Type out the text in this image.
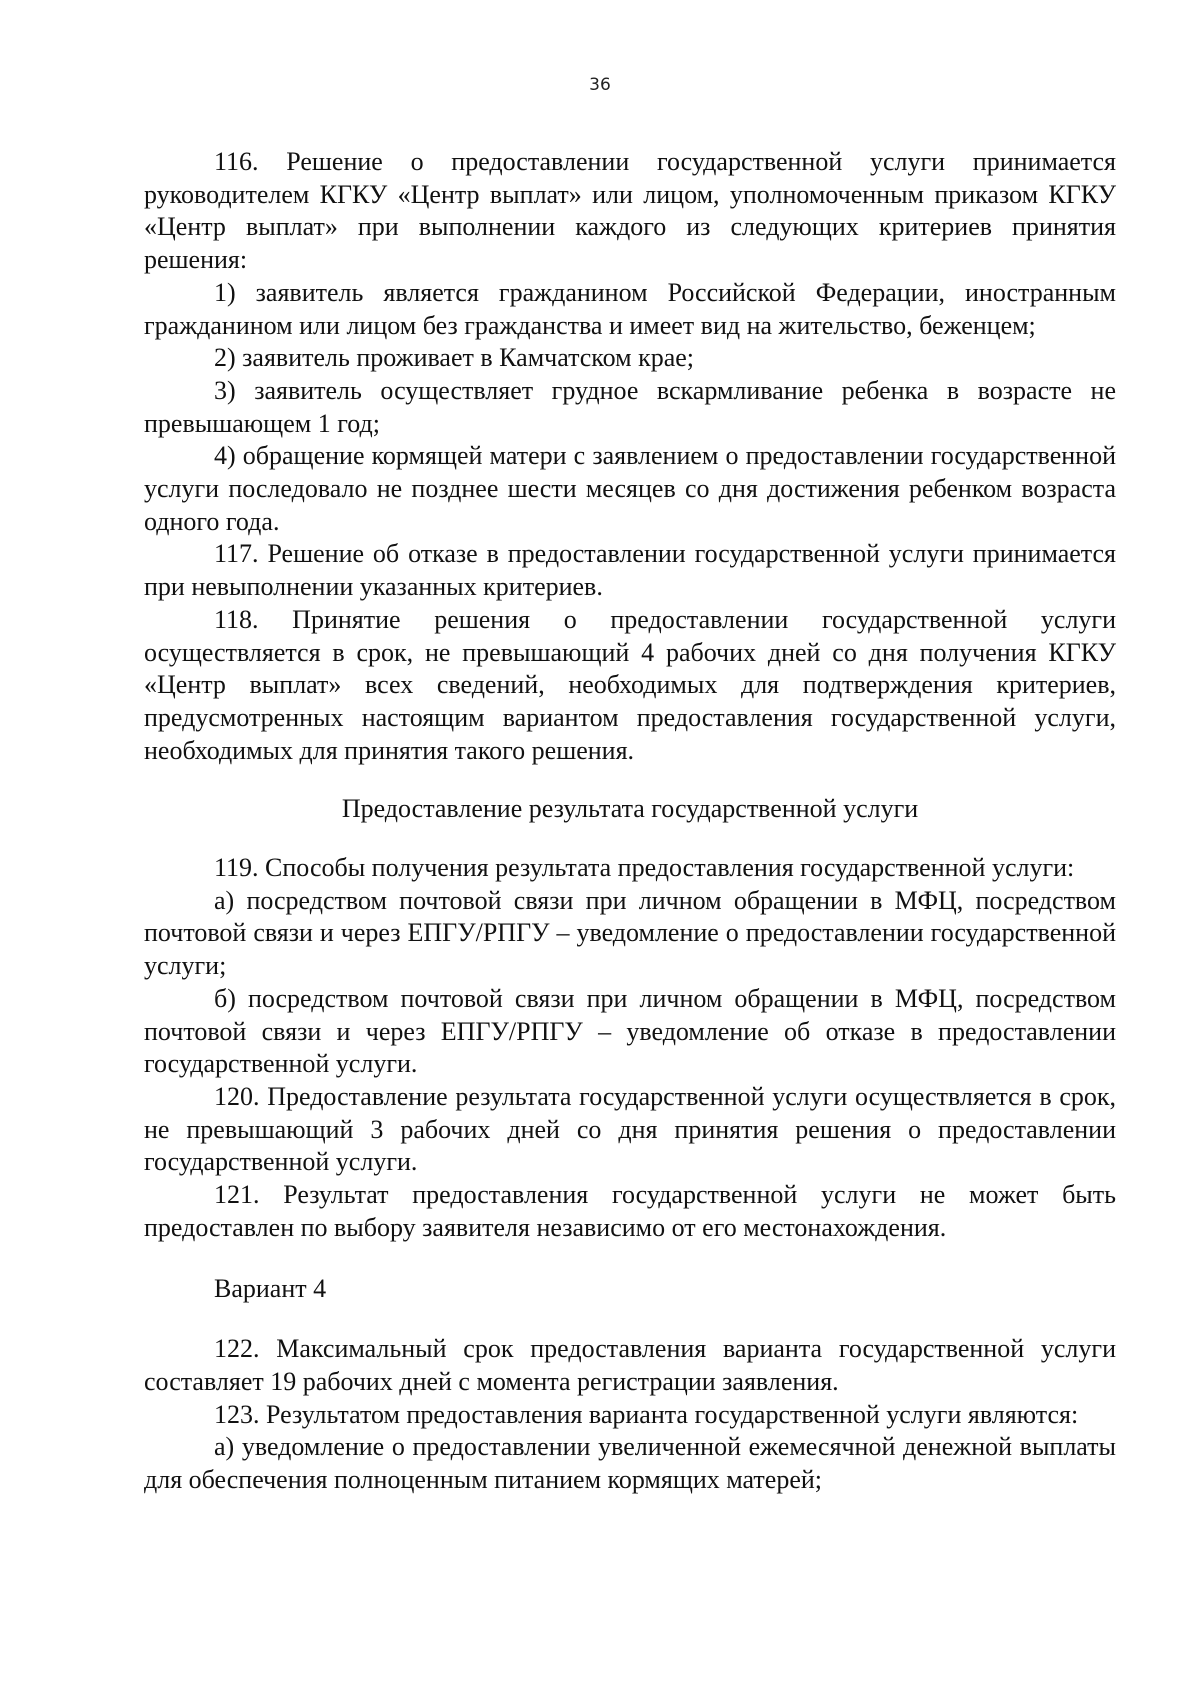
36

116. Решение о предоставлении государственной услуги принимается руководителем КГКУ «Центр выплат» или лицом, уполномоченным приказом КГКУ «Центр выплат» при выполнении каждого из следующих критериев принятия решения:

1) заявитель является гражданином Российской Федерации, иностранным гражданином или лицом без гражданства и имеет вид на жительство, беженцем;

2) заявитель проживает в Камчатском крае;

3) заявитель осуществляет грудное вскармливание ребенка в возрасте не превышающем 1 год;

4) обращение кормящей матери с заявлением о предоставлении государственной услуги последовало не позднее шести месяцев со дня достижения ребенком возраста одного года.

117. Решение об отказе в предоставлении государственной услуги принимается при невыполнении указанных критериев.

118. Принятие решения о предоставлении государственной услуги осуществляется в срок, не превышающий 4 рабочих дней со дня получения КГКУ «Центр выплат» всех сведений, необходимых для подтверждения критериев, предусмотренных настоящим вариантом предоставления государственной услуги, необходимых для принятия такого решения.

Предоставление результата государственной услуги

119. Способы получения результата предоставления государственной услуги:

а) посредством почтовой связи при личном обращении в МФЦ, посредством почтовой связи и через ЕПГУ/РПГУ – уведомление о предоставлении государственной услуги;

б) посредством почтовой связи при личном обращении в МФЦ, посредством почтовой связи и через ЕПГУ/РПГУ – уведомление об отказе в предоставлении государственной услуги.

120. Предоставление результата государственной услуги осуществляется в срок, не превышающий 3 рабочих дней со дня принятия решения о предоставлении государственной услуги.

121. Результат предоставления государственной услуги не может быть предоставлен по выбору заявителя независимо от его местонахождения.

Вариант 4

122. Максимальный срок предоставления варианта государственной услуги составляет 19 рабочих дней с момента регистрации заявления.

123. Результатом предоставления варианта государственной услуги являются:

а) уведомление о предоставлении увеличенной ежемесячной денежной выплаты для обеспечения полноценным питанием кормящих матерей;
